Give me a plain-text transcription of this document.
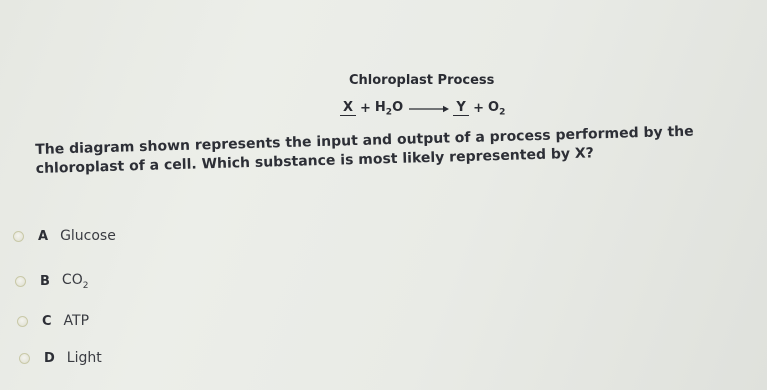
Chloroplast Process
$X + H_2O \to Y + O_2$
The diagram shown represents the input and output of a process performed by the chloroplast of a cell. Which substance is most likely represented by X?
A Glucose
B $CO_2$
C ATP
D Light
